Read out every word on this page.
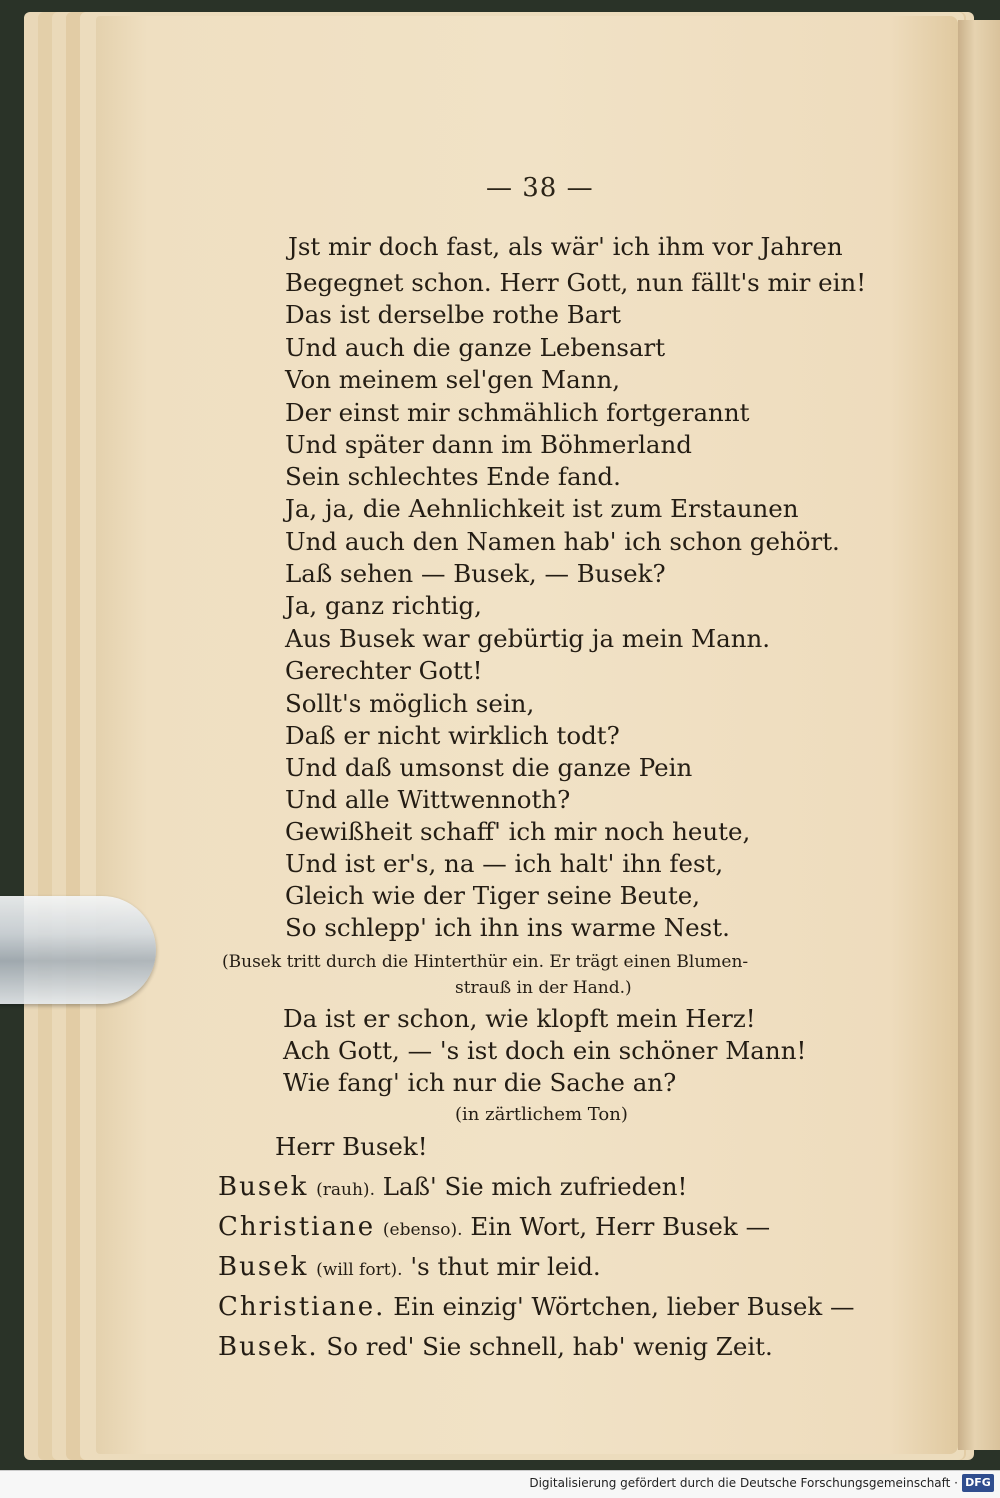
— 38 —
Jst mir doch fast, als wär' ich ihm vor Jahren
Begegnet schon. Herr Gott, nun fällt's mir ein!
Das ist derselbe rothe Bart
Und auch die ganze Lebensart
Von meinem sel'gen Mann,
Der einst mir schmählich fortgerannt
Und später dann im Böhmerland
Sein schlechtes Ende fand.
Ja, ja, die Aehnlichkeit ist zum Erstaunen
Und auch den Namen hab' ich schon gehört.
Laß sehen — Busek, — Busek?
Ja, ganz richtig,
Aus Busek war gebürtig ja mein Mann.
Gerechter Gott!
Sollt's möglich sein,
Daß er nicht wirklich todt?
Und daß umsonst die ganze Pein
Und alle Wittwennoth?
Gewißheit schaff' ich mir noch heute,
Und ist er's, na — ich halt' ihn fest,
Gleich wie der Tiger seine Beute,
So schlepp' ich ihn ins warme Nest.
(Busek tritt durch die Hinterthür ein. Er trägt einen Blumen-
strauß in der Hand.)
Da ist er schon, wie klopft mein Herz!
Ach Gott, — 's ist doch ein schöner Mann!
Wie fang' ich nur die Sache an?
(in zärtlichem Ton)
Herr Busek!
Busek (rauh). Laß' Sie mich zufrieden!
Christiane (ebenso). Ein Wort, Herr Busek —
Busek (will fort). 's thut mir leid.
Christiane. Ein einzig' Wörtchen, lieber Busek —
Busek. So red' Sie schnell, hab' wenig Zeit.
Digitalisierung gefördert durch die Deutsche Forschungsgemeinschaft · DFG
